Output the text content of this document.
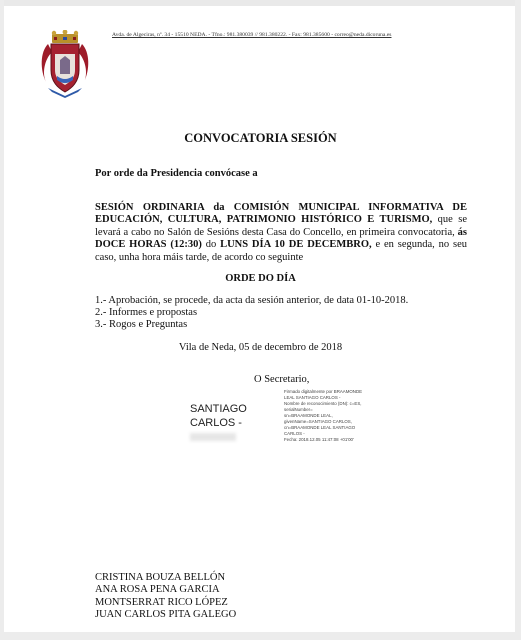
Avda. de Algeciras, nº. 34 - 15510 NEDA. - Tfno.: 981.380039 // 981.380222. - Fax: 981.385600 - correo@neda.dicoruna.es
CONVOCATORIA SESIÓN
Por orde da Presidencia convócase a
SESIÓN ORDINARIA da COMISIÓN MUNICIPAL INFORMATIVA DE EDUCACIÓN, CULTURA, PATRIMONIO HISTÓRICO E TURISMO, que se levará a cabo no Salón de Sesións desta Casa do Concello, en primeira convocatoria, ás DOCE HORAS (12:30) do LUNS DÍA 10 DE DECEMBRO, e en segunda, no seu caso, unha hora máis tarde, de acordo co seguinte
ORDE DO DÍA
1.- Aprobación, se procede, da acta da sesión anterior, de data 01-10-2018.
2.- Informes e propostas
3.- Rogos e Preguntas
Vila de Neda, 05 de decembro de 2018
O Secretario,
SANTIAGO
CARLOS -
Firmado digitalmente por BRAAMONDE
LEAL SANTIAGO CARLOS -
Nombre de reconocimiento (DN): c=ES,
serialNumber=
sn=BRAAMONDE LEAL,
givenName=SANTIAGO CARLOS,
cn=BRAAMONDE LEAL SANTIAGO
CARLOS -
Fecha: 2018.12.05 11:47:08 +01'00'
CRISTINA BOUZA BELLÓN
ANA ROSA PENA GARCIA
MONTSERRAT RICO LÓPEZ
JUAN CARLOS PITA GALEGO
